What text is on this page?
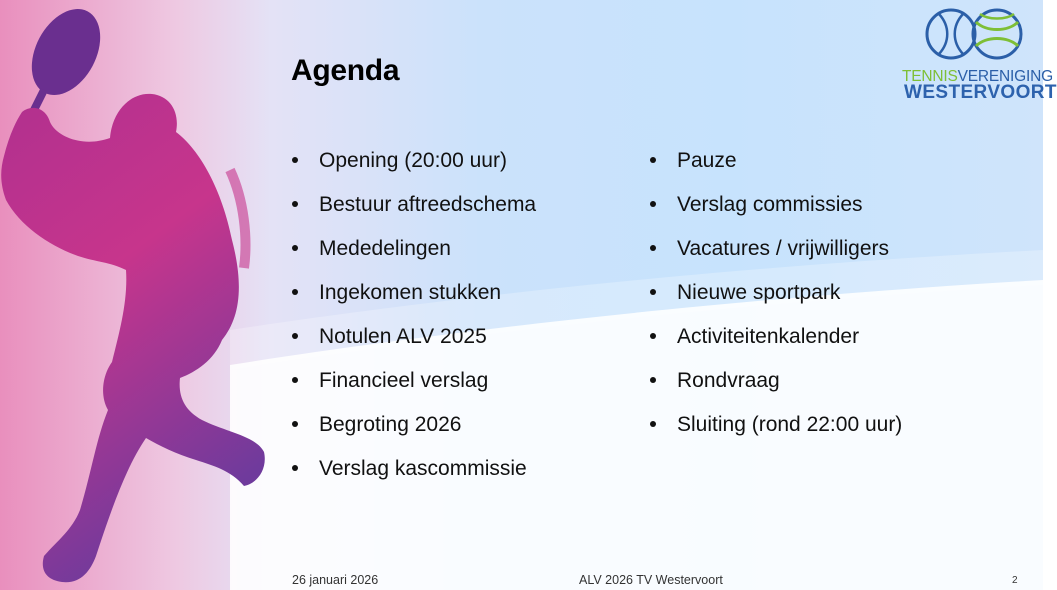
Agenda
Opening (20:00 uur)
Bestuur aftreedschema
Mededelingen
Ingekomen stukken
Notulen ALV 2025
Financieel verslag
Begroting 2026
Verslag kascommissie
Pauze
Verslag commissies
Vacatures / vrijwilligers
Nieuwe sportpark
Activiteitenkalender
Rondvraag
Sluiting (rond 22:00 uur)
TENNISVERENIGING
WESTERVOORT
26 januari 2026	ALV 2026 TV Westervoort	2
